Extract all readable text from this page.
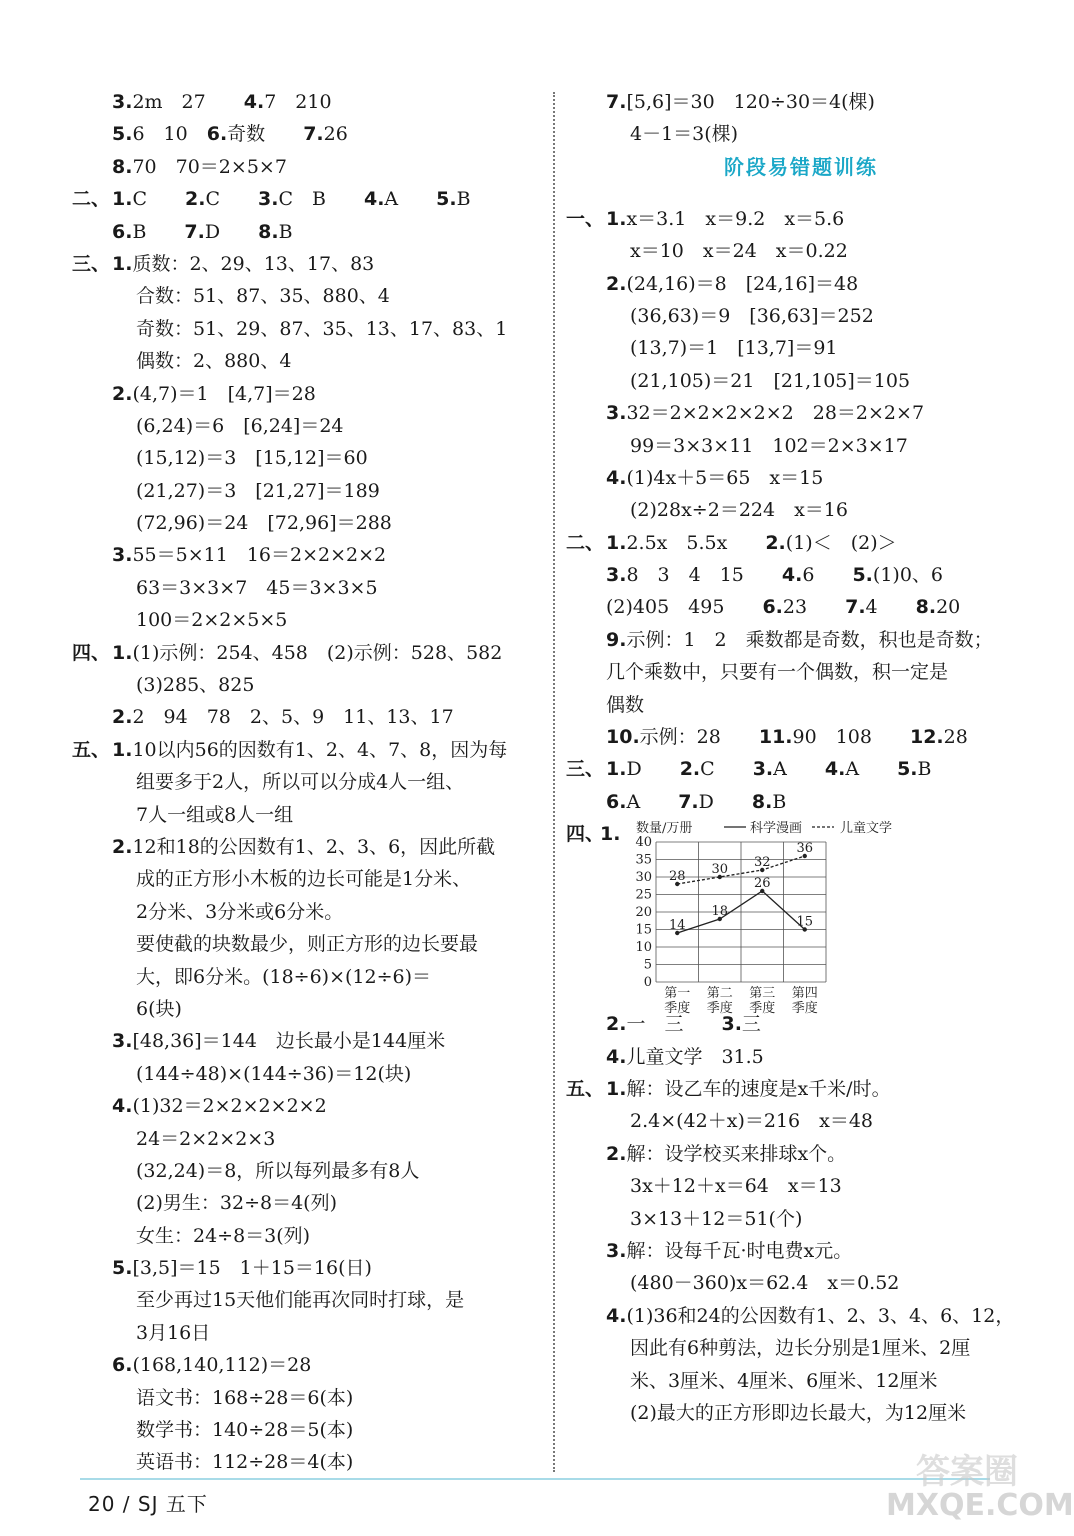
3.2m　27　　4.7　210
5.6　10　6.奇数　　7.26
8.70　70＝2×5×7
二、 1.C　　2.C　　3.C　B　　4.A　　5.B
6.B　　7.D　　8.B
三、 1.质数：2、29、13、17、83
合数：51、87、35、880、4
奇数：51、29、87、35、13、17、83、1
偶数：2、880、4
2.(4,7)＝1　[4,7]＝28
(6,24)＝6　[6,24]＝24
(15,12)＝3　[15,12]＝60
(21,27)＝3　[21,27]＝189
(72,96)＝24　[72,96]＝288
3.55＝5×11　16＝2×2×2×2
63＝3×3×7　45＝3×3×5
100＝2×2×5×5
四、 1.(1)示例：254、458　(2)示例：528、582
(3)285、825
2.2　94　78　2、5、9　11、13、17
五、 1.10以内56的因数有1、2、4、7、8，因为每
组要多于2人，所以可以分成4人一组、
7人一组或8人一组
2.12和18的公因数有1、2、3、6，因此所截
成的正方形小木板的边长可能是1分米、
2分米、3分米或6分米。
要使截的块数最少，则正方形的边长要最
大，即6分米。(18÷6)×(12÷6)＝
6(块)
3.[48,36]＝144　边长最小是144厘米
(144÷48)×(144÷36)＝12(块)
4.(1)32＝2×2×2×2×2
24＝2×2×2×3
(32,24)＝8，所以每列最多有8人
(2)男生：32÷8＝4(列)
女生：24÷8＝3(列)
5.[3,5]＝15　1＋15＝16(日)
至少再过15天他们能再次同时打球，是
3月16日
6.(168,140,112)＝28
语文书：168÷28＝6(本)
数学书：140÷28＝5(本)
英语书：112÷28＝4(本)
7.[5,6]＝30　120÷30＝4(棵)
4－1＝3(棵)
阶段易错题训练
一、 1.x＝3.1　x＝9.2　x＝5.6
x＝10　x＝24　x＝0.22
2.(24,16)＝8　[24,16]＝48
(36,63)＝9　[36,63]＝252
(13,7)＝1　[13,7]＝91
(21,105)＝21　[21,105]＝105
3.32＝2×2×2×2×2　28＝2×2×7
99＝3×3×11　102＝2×3×17
4.(1)4x＋5＝65　x＝15
(2)28x÷2＝224　x＝16
二、 1.2.5x　5.5x　　2.(1)＜　(2)＞
3.8　3　4　15　　4.6　　5.(1)0、6
(2)405　495　　6.23　　7.4　　8.20
9.示例：1　2　乘数都是奇数，积也是奇数；
几个乘数中，只要有一个偶数，积一定是
偶数
10.示例：28　　11.90　108　　12.28
三、 1.D　　2.C　　3.A　　4.A　　5.B
6.A　　7.D　　8.B
四、
1.
0
5
10
15
20
25
30
35
40
数量/万册	科学漫画	儿童文学
14
18
26
15
28 30 32
36
第一
季度
第二
季度
第三
季度
第四
季度
2.一　三　　3.三
4.儿童文学　31.5
五、 1.解：设乙车的速度是x千米/时。
2.4×(42＋x)＝216　x＝48
2.解：设学校买来排球x个。
3x＋12＋x＝64　x＝13
3×13＋12＝51(个)
3.解：设每千瓦·时电费x元。
(480－360)x＝62.4　x＝0.52
4.(1)36和24的公因数有1、2、3、4、6、12，
因此有6种剪法，边长分别是1厘米、2厘
米、3厘米、4厘米、6厘米、12厘米
(2)最大的正方形即边长最大，为12厘米
20 / SJ 五下
答案圈
MXQE.COM
